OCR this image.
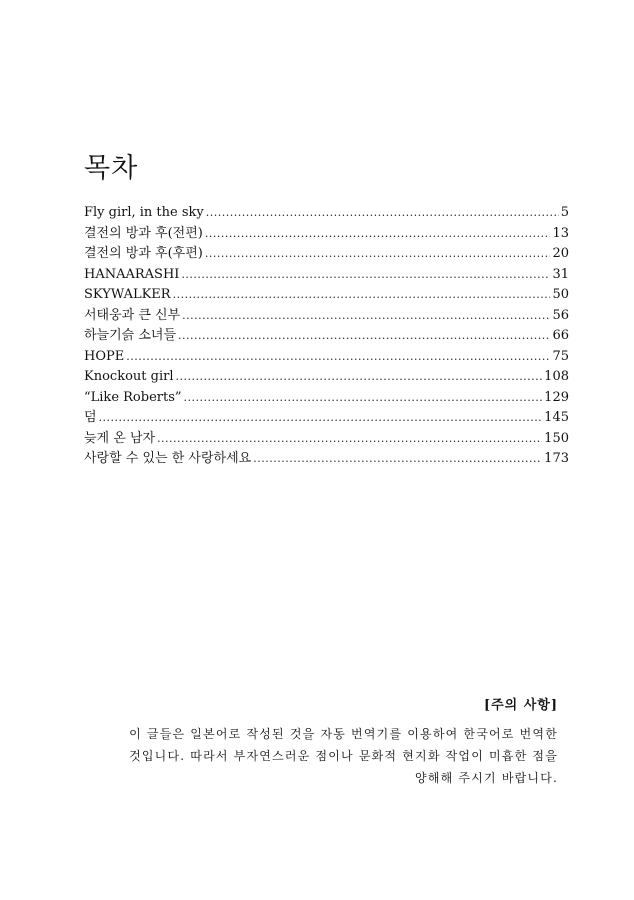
목차
Fly girl, in the sky .....	5
결전의 방과 후(전편) .....	13
결전의 방과 후(후편) .....	20
HANAARASHI .....	31
SKYWALKER .....	50
서태웅과 큰 신부 .....	56
하늘기슭 소녀들 .....	66
HOPE .....	75
Knockout girl .....	108
“Like Roberts” .....	129
덤 .....	145
늦게 온 남자 .....	150
사랑할 수 있는 한 사랑하세요 .....	173
[주의 사항]
이 글들은 일본어로 작성된 것을 자동 번역기를 이용하여 한국어로 번역한
것입니다. 따라서 부자연스러운 점이나 문화적 현지화 작업이 미흡한 점을
양해해 주시기 바랍니다.
